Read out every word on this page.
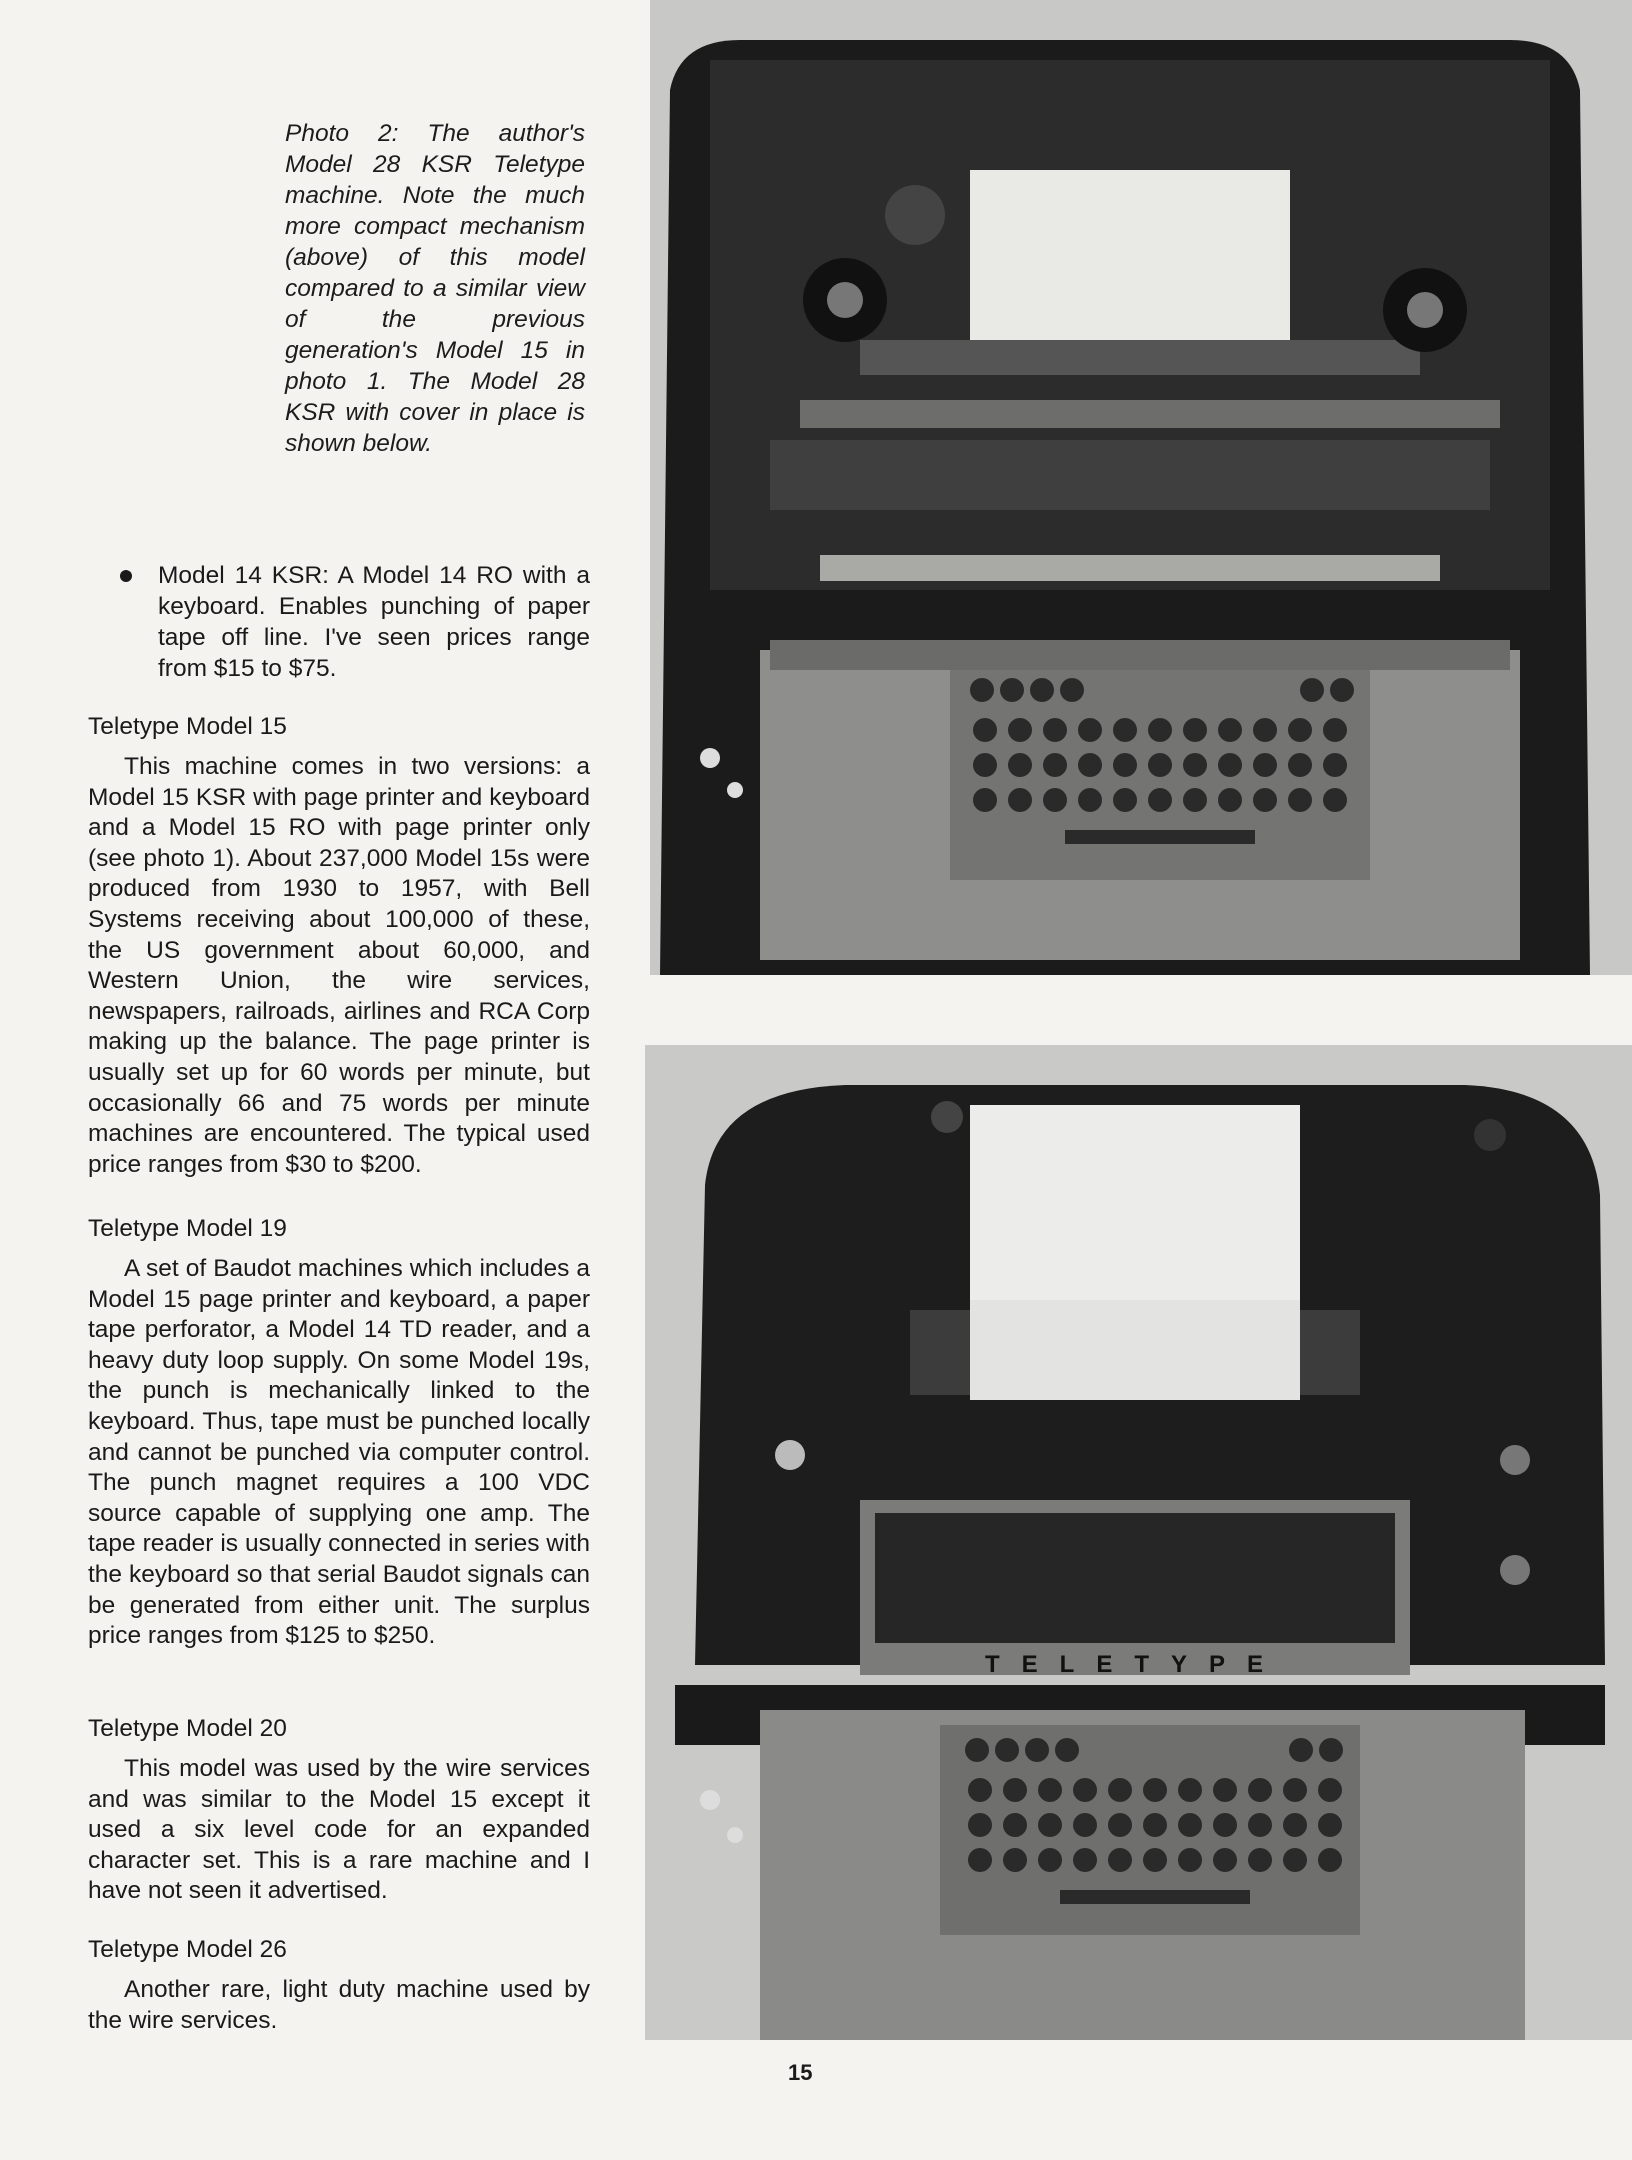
Photo 2: The author's Model 28 KSR Teletype machine. Note the much more compact mechanism (above) of this model compared to a similar view of the previous generation's Model 15 in photo 1. The Model 28 KSR with cover in place is shown below.
Model 14 KSR: A Model 14 RO with a keyboard. Enables punching of paper tape off line. I've seen prices range from $15 to $75.
Teletype Model 15

This machine comes in two versions: a Model 15 KSR with page printer and keyboard and a Model 15 RO with page printer only (see photo 1). About 237,000 Model 15s were produced from 1930 to 1957, with Bell Systems receiving about 100,000 of these, the US government about 60,000, and Western Union, the wire services, newspapers, railroads, airlines and RCA Corp making up the balance. The page printer is usually set up for 60 words per minute, but occasionally 66 and 75 words per minute machines are encountered. The typical used price ranges from $30 to $200.

Teletype Model 19

A set of Baudot machines which includes a Model 15 page printer and keyboard, a paper tape perforator, a Model 14 TD reader, and a heavy duty loop supply. On some Model 19s, the punch is mechanically linked to the keyboard. Thus, tape must be punched locally and cannot be punched via computer control. The punch magnet requires a 100 VDC source capable of supplying one amp. The tape reader is usually connected in series with the keyboard so that serial Baudot signals can be generated from either unit. The surplus price ranges from $125 to $250.

Teletype Model 20

This model was used by the wire services and was similar to the Model 15 except it used a six level code for an expanded character set. This is a rare machine and I have not seen it advertised.

Teletype Model 26

Another rare, light duty machine used by the wire services.

TELETYPE
15
